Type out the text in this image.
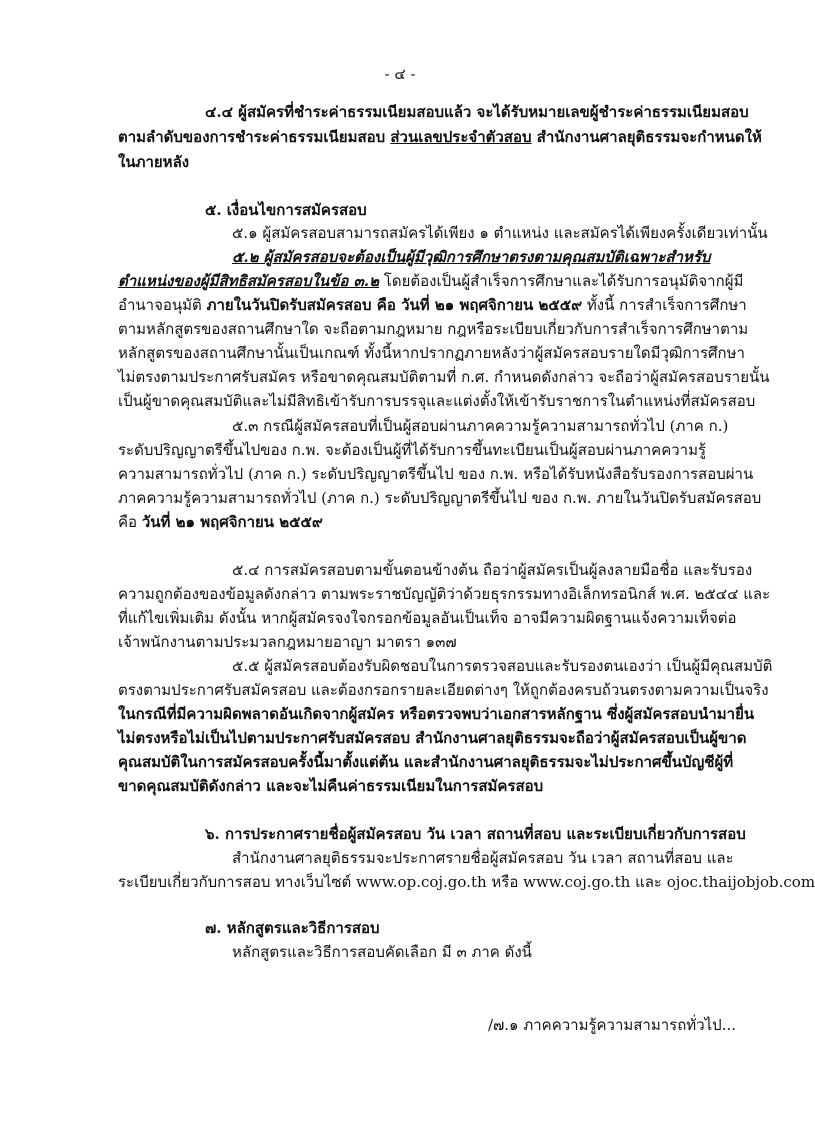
- ๔ -
๔.๔ ผู้สมัครที่ชำระค่าธรรมเนียมสอบแล้ว จะได้รับหมายเลขผู้ชำระค่าธรรมเนียมสอบ
ตามลำดับของการชำระค่าธรรมเนียมสอบ ส่วนเลขประจำตัวสอบ สำนักงานศาลยุติธรรมจะกำหนดให้
ในภายหลัง
๕. เงื่อนไขการสมัครสอบ
๕.๑ ผู้สมัครสอบสามารถสมัครได้เพียง ๑ ตำแหน่ง และสมัครได้เพียงครั้งเดียวเท่านั้น
๕.๒ ผู้สมัครสอบจะต้องเป็นผู้มีวุฒิการศึกษาตรงตามคุณสมบัติเฉพาะสำหรับ
ตำแหน่งของผู้มีสิทธิสมัครสอบในข้อ ๓.๒ โดยต้องเป็นผู้สำเร็จการศึกษาและได้รับการอนุมัติจากผู้มี
อำนาจอนุมัติ ภายในวันปิดรับสมัครสอบ คือ วันที่ ๒๑ พฤศจิกายน ๒๕๕๙ ทั้งนี้ การสำเร็จการศึกษา
ตามหลักสูตรของสถานศึกษาใด จะถือตามกฎหมาย กฎหรือระเบียบเกี่ยวกับการสำเร็จการศึกษาตาม
หลักสูตรของสถานศึกษานั้นเป็นเกณฑ์ ทั้งนี้หากปรากฏภายหลังว่าผู้สมัครสอบรายใดมีวุฒิการศึกษา
ไม่ตรงตามประกาศรับสมัคร หรือขาดคุณสมบัติตามที่ ก.ศ. กำหนดดังกล่าว จะถือว่าผู้สมัครสอบรายนั้น
เป็นผู้ขาดคุณสมบัติและไม่มีสิทธิเข้ารับการบรรจุและแต่งตั้งให้เข้ารับราชการในตำแหน่งที่สมัครสอบ
๕.๓ กรณีผู้สมัครสอบที่เป็นผู้สอบผ่านภาคความรู้ความสามารถทั่วไป (ภาค ก.)
ระดับปริญญาตรีขึ้นไปของ ก.พ. จะต้องเป็นผู้ที่ได้รับการขึ้นทะเบียนเป็นผู้สอบผ่านภาคความรู้
ความสามารถทั่วไป (ภาค ก.) ระดับปริญญาตรีขึ้นไป ของ ก.พ. หรือได้รับหนังสือรับรองการสอบผ่าน
ภาคความรู้ความสามารถทั่วไป (ภาค ก.) ระดับปริญญาตรีขึ้นไป ของ ก.พ. ภายในวันปิดรับสมัครสอบ
คือ วันที่ ๒๑ พฤศจิกายน ๒๕๕๙
๕.๔ การสมัครสอบตามขั้นตอนข้างต้น ถือว่าผู้สมัครเป็นผู้ลงลายมือชื่อ และรับรอง
ความถูกต้องของข้อมูลดังกล่าว ตามพระราชบัญญัติว่าด้วยธุรกรรมทางอิเล็กทรอนิกส์ พ.ศ. ๒๕๔๔ และ
ที่แก้ไขเพิ่มเติม ดังนั้น หากผู้สมัครจงใจกรอกข้อมูลอันเป็นเท็จ อาจมีความผิดฐานแจ้งความเท็จต่อ
เจ้าพนักงานตามประมวลกฎหมายอาญา มาตรา ๑๓๗
๕.๕ ผู้สมัครสอบต้องรับผิดชอบในการตรวจสอบและรับรองตนเองว่า เป็นผู้มีคุณสมบัติ
ตรงตามประกาศรับสมัครสอบ และต้องกรอกรายละเอียดต่างๆ ให้ถูกต้องครบถ้วนตรงตามความเป็นจริง
ในกรณีที่มีความผิดพลาดอันเกิดจากผู้สมัคร หรือตรวจพบว่าเอกสารหลักฐาน ซึ่งผู้สมัครสอบนำมายื่น
ไม่ตรงหรือไม่เป็นไปตามประกาศรับสมัครสอบ สำนักงานศาลยุติธรรมจะถือว่าผู้สมัครสอบเป็นผู้ขาด
คุณสมบัติในการสมัครสอบครั้งนี้มาตั้งแต่ต้น และสำนักงานศาลยุติธรรมจะไม่ประกาศขึ้นบัญชีผู้ที่
ขาดคุณสมบัติดังกล่าว และจะไม่คืนค่าธรรมเนียมในการสมัครสอบ
๖. การประกาศรายชื่อผู้สมัครสอบ วัน เวลา สถานที่สอบ และระเบียบเกี่ยวกับการสอบ
สำนักงานศาลยุติธรรมจะประกาศรายชื่อผู้สมัครสอบ วัน เวลา สถานที่สอบ และ
ระเบียบเกี่ยวกับการสอบ ทางเว็บไซต์ www.op.coj.go.th หรือ www.coj.go.th และ ojoc.thaijobjob.com
๗. หลักสูตรและวิธีการสอบ
หลักสูตรและวิธีการสอบคัดเลือก มี ๓ ภาค ดังนี้
/๗.๑ ภาคความรู้ความสามารถทั่วไป...
